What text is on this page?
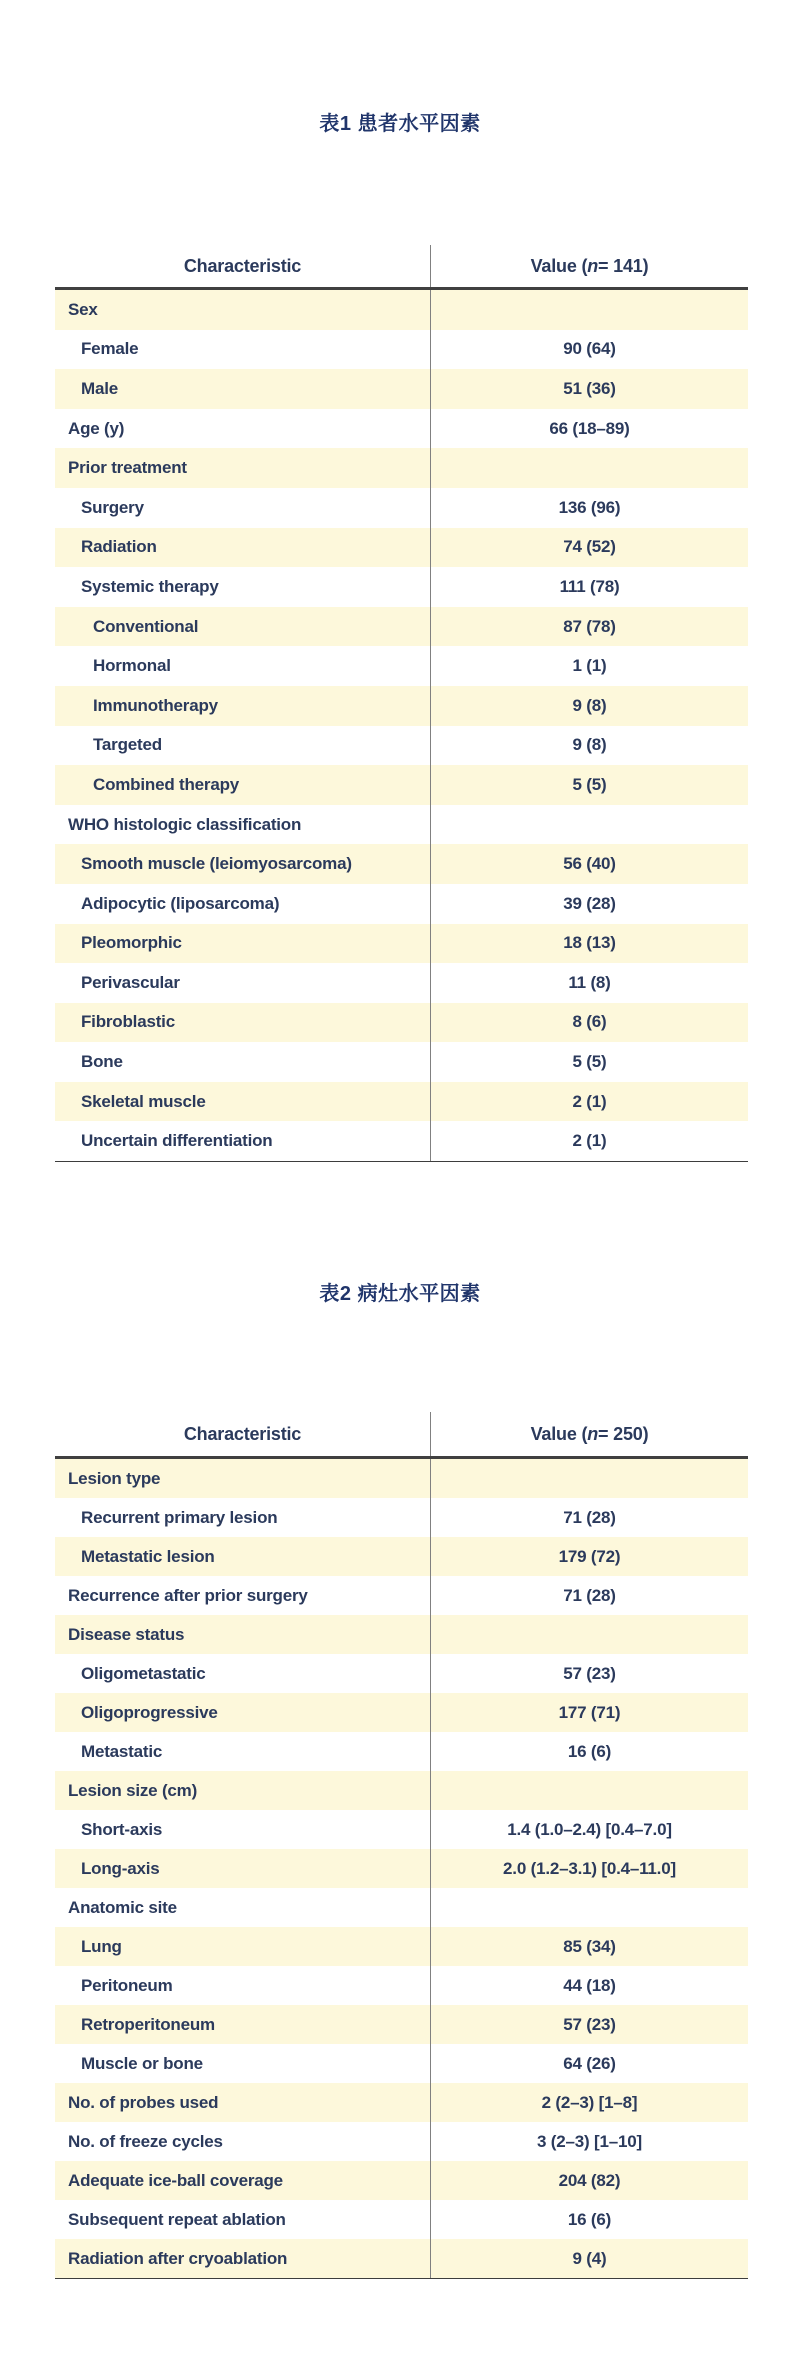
表1 患者水平因素
Characteristic	Value ( n = 141)
Sex
Female	90 (64)
Male	51 (36)
Age (y)	66 (18–89)
Prior treatment
Surgery	136 (96)
Radiation	74 (52)
Systemic therapy	111 (78)
Conventional	87 (78)
Hormonal	1 (1)
Immunotherapy	9 (8)
Targeted	9 (8)
Combined therapy	5 (5)
WHO histologic classification
Smooth muscle (leiomyosarcoma)	56 (40)
Adipocytic (liposarcoma)	39 (28)
Pleomorphic	18 (13)
Perivascular	11 (8)
Fibroblastic	8 (6)
Bone	5 (5)
Skeletal muscle	2 (1)
Uncertain differentiation	2 (1)
表2 病灶水平因素
Characteristic	Value ( n = 250)
Lesion type
Recurrent primary lesion	71 (28)
Metastatic lesion	179 (72)
Recurrence after prior surgery	71 (28)
Disease status
Oligometastatic	57 (23)
Oligoprogressive	177 (71)
Metastatic	16 (6)
Lesion size (cm)
Short-axis	1.4 (1.0–2.4) [0.4–7.0]
Long-axis	2.0 (1.2–3.1) [0.4–11.0]
Anatomic site
Lung	85 (34)
Peritoneum	44 (18)
Retroperitoneum	57 (23)
Muscle or bone	64 (26)
No. of probes used	2 (2–3) [1–8]
No. of freeze cycles	3 (2–3) [1–10]
Adequate ice-ball coverage	204 (82)
Subsequent repeat ablation	16 (6)
Radiation after cryoablation	9 (4)
